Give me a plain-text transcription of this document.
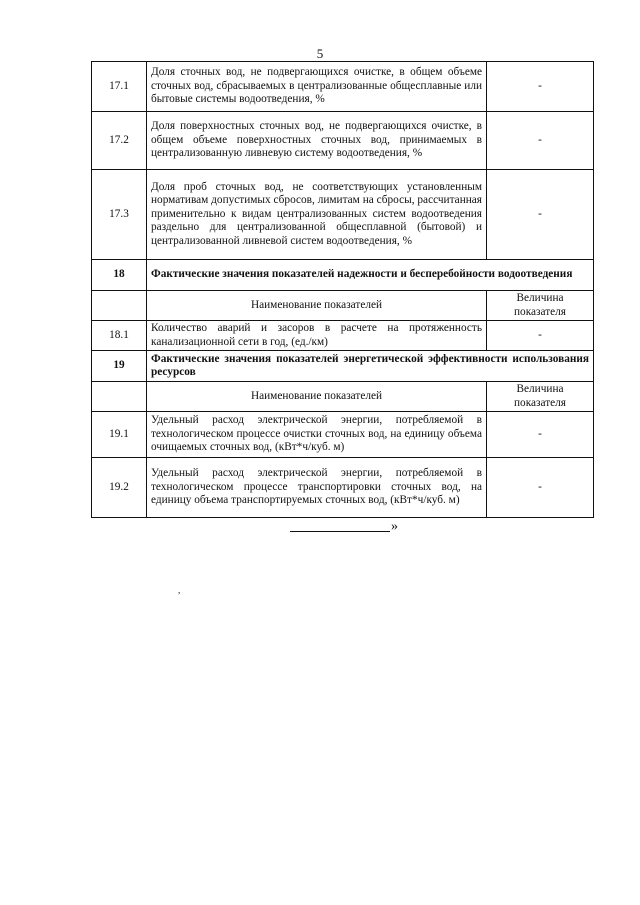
5
17.1	Доля сточных вод, не подвергающихся очистке, в общем объеме сточных вод, сбрасываемых в централизованные общесплавные или бытовые системы водоотведения, %	-
17.2	Доля поверхностных сточных вод, не подвергающихся очистке, в общем объеме поверхностных сточных вод, принимаемых в централизованную ливневую систему водоотведения, %	-
17.3	Доля проб сточных вод, не соответствующих установленным нормативам допустимых сбросов, лимитам на сбросы, рассчитанная применительно к видам централизованных систем водоотведения раздельно для централизованной общесплавной (бытовой) и централизованной ливневой систем водоотведения, %	-
18	Фактические значения показателей надежности и бесперебойности водоотведения	
	Наименование показателей	Величина показателя
18.1	Количество аварий и засоров в расчете на протяженность канализационной сети в год, (ед./км)	-
19	Фактические значения показателей энергетической эффективности использования ресурсов	
	Наименование показателей	Величина показателя
19.1	Удельный расход электрической энергии, потребляемой в технологическом процессе очистки сточных вод, на единицу объема очищаемых сточных вод, (кВт*ч/куб. м)	-
19.2	Удельный расход электрической энергии, потребляемой в технологическом процессе транспортировки сточных вод, на единицу объема транспортируемых сточных вод, (кВт*ч/куб. м)	-
»
,
